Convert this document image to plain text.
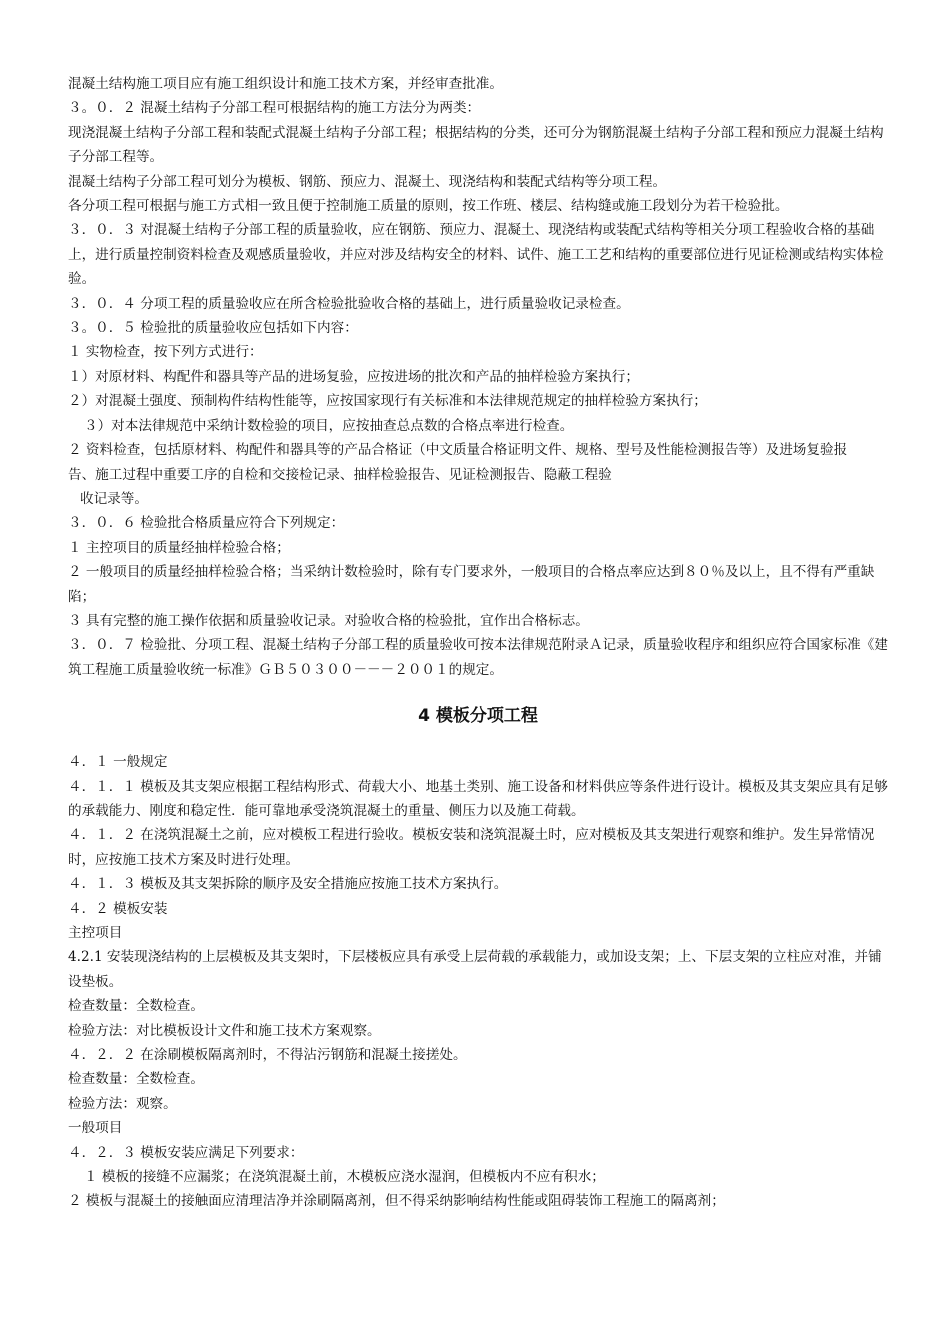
混凝土结构施工项目应有施工组织设计和施工技术方案，并经审查批准。

３。０．２ 混凝土结构子分部工程可根据结构的施工方法分为两类：

现浇混凝土结构子分部工程和装配式混凝土结构子分部工程；根据结构的分类，还可分为钢筋混凝土结构子分部工程和预应力混凝土结构子分部工程等。

混凝土结构子分部工程可划分为模板、钢筋、预应力、混凝土、现浇结构和装配式结构等分项工程。

各分项工程可根据与施工方式相一致且便于控制施工质量的原则，按工作班、楼层、结构缝或施工段划分为若干检验批。

３．０．３ 对混凝土结构子分部工程的质量验收，应在钢筋、预应力、混凝土、现浇结构或装配式结构等相关分项工程验收合格的基础上，进行质量控制资料检查及观感质量验收，并应对涉及结构安全的材料、试件、施工工艺和结构的重要部位进行见证检测或结构实体检验。

３．０．４ 分项工程的质量验收应在所含检验批验收合格的基础上，进行质量验收记录检查。

３。０．５ 检验批的质量验收应包括如下内容：

１ 实物检查，按下列方式进行：

１）对原材料、构配件和器具等产品的进场复验，应按进场的批次和产品的抽样检验方案执行；

２）对混凝土强度、预制构件结构性能等，应按国家现行有关标准和本法律规范规定的抽样检验方案执行；

３）对本法律规范中采纳计数检验的项目，应按抽查总点数的合格点率进行检查。

２ 资料检查，包括原材料、构配件和器具等的产品合格证（中文质量合格证明文件、规格、型号及性能检测报告等）及进场复验报告、施工过程中重要工序的自检和交接检记录、抽样检验报告、见证检测报告、隐蔽工程验

收记录等。

３．０．６ 检验批合格质量应符合下列规定：

１ 主控项目的质量经抽样检验合格；

２ 一般项目的质量经抽样检验合格；当采纳计数检验时，除有专门要求外，一般项目的合格点率应达到８０％及以上，且不得有严重缺陷；

３ 具有完整的施工操作依据和质量验收记录。对验收合格的检验批，宜作出合格标志。

３．０．７ 检验批、分项工程、混凝土结构子分部工程的质量验收可按本法律规范附录Ａ记录，质量验收程序和组织应符合国家标准《建筑工程施工质量验收统一标准》ＧＢ５０３００－－－２００１的规定。

4 模板分项工程

４．１ 一般规定

４．１．１ 模板及其支架应根据工程结构形式、荷载大小、地基土类别、施工设备和材料供应等条件进行设计。模板及其支架应具有足够的承载能力、刚度和稳定性．能可靠地承受浇筑混凝土的重量、侧压力以及施工荷载。

４．１．２ 在浇筑混凝土之前，应对模板工程进行验收。模板安装和浇筑混凝土时，应对模板及其支架进行观察和维护。发生异常情况时，应按施工技术方案及时进行处理。

４．１．３ 模板及其支架拆除的顺序及安全措施应按施工技术方案执行。

４．２ 模板安装

主控项目

4.2.1 安装现浇结构的上层模板及其支架时，下层楼板应具有承受上层荷载的承载能力，或加设支架；上、下层支架的立柱应对准，并铺设垫板。

检查数量：全数检查。

检验方法：对比模板设计文件和施工技术方案观察。

４．２．２ 在涂刷模板隔离剂时，不得沾污钢筋和混凝土接搓处。

检查数量：全数检查。

检验方法：观察。

一般项目

４．２．３ 模板安装应满足下列要求：

１ 模板的接缝不应漏浆；在浇筑混凝土前，木模板应浇水湿润，但模板内不应有积水；

２ 模板与混凝土的接触面应清理洁净并涂刷隔离剂，但不得采纳影响结构性能或阻碍装饰工程施工的隔离剂；
